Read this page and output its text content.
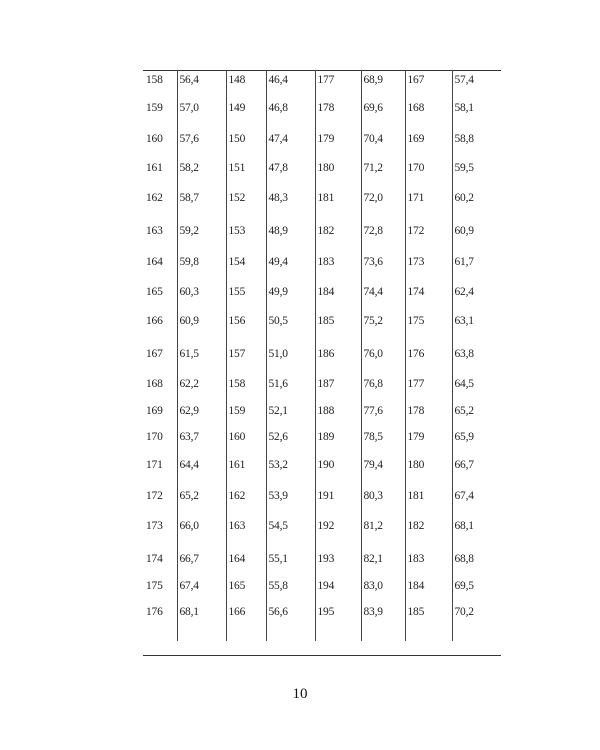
158	56,4	148	46,4	177	68,9	167	57,4
159	57,0	149	46,8	178	69,6	168	58,1
160	57,6	150	47,4	179	70,4	169	58,8
161	58,2	151	47,8	180	71,2	170	59,5
162	58,7	152	48,3	181	72,0	171	60,2
163	59,2	153	48,9	182	72,8	172	60,9
164	59,8	154	49,4	183	73,6	173	61,7
165	60,3	155	49,9	184	74,4	174	62,4
166	60,9	156	50,5	185	75,2	175	63,1
167	61,5	157	51,0	186	76,0	176	63,8
168	62,2	158	51,6	187	76,8	177	64,5
169	62,9	159	52,1	188	77,6	178	65,2
170	63,7	160	52,6	189	78,5	179	65,9
171	64,4	161	53,2	190	79,4	180	66,7
172	65,2	162	53,9	191	80,3	181	67,4
173	66,0	163	54,5	192	81,2	182	68,1
174	66,7	164	55,1	193	82,1	183	68,8
175	67,4	165	55,8	194	83,0	184	69,5
176	68,1	166	56,6	195	83,9	185	70,2
10
